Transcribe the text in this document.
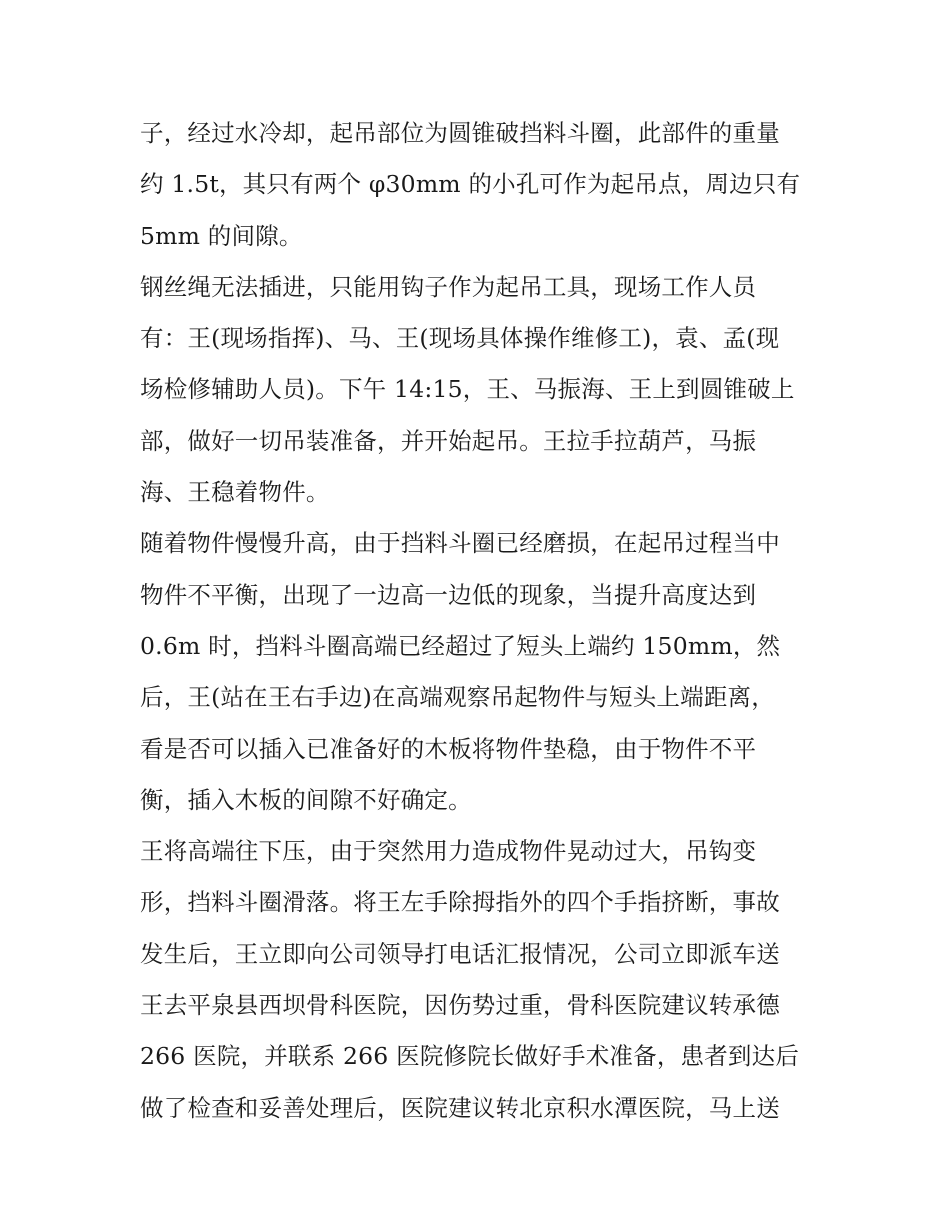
子，经过水冷却，起吊部位为圆锥破挡料斗圈，此部件的重量
约 1.5t，其只有两个 φ30mm 的小孔可作为起吊点，周边只有
5mm 的间隙。
钢丝绳无法插进，只能用钩子作为起吊工具，现场工作人员
有：王(现场指挥)、马、王(现场具体操作维修工)，袁、孟(现
场检修辅助人员)。下午 14:15，王、马振海、王上到圆锥破上
部，做好一切吊装准备，并开始起吊。王拉手拉葫芦，马振
海、王稳着物件。
随着物件慢慢升高，由于挡料斗圈已经磨损，在起吊过程当中
物件不平衡，出现了一边高一边低的现象，当提升高度达到
0.6m 时，挡料斗圈高端已经超过了短头上端约 150mm，然
后，王(站在王右手边)在高端观察吊起物件与短头上端距离，
看是否可以插入已准备好的木板将物件垫稳，由于物件不平
衡，插入木板的间隙不好确定。
王将高端往下压，由于突然用力造成物件晃动过大，吊钩变
形，挡料斗圈滑落。将王左手除拇指外的四个手指挤断，事故
发生后，王立即向公司领导打电话汇报情况，公司立即派车送
王去平泉县西坝骨科医院，因伤势过重，骨科医院建议转承德
266 医院，并联系 266 医院修院长做好手术准备，患者到达后
做了检查和妥善处理后，医院建议转北京积水潭医院，马上送
